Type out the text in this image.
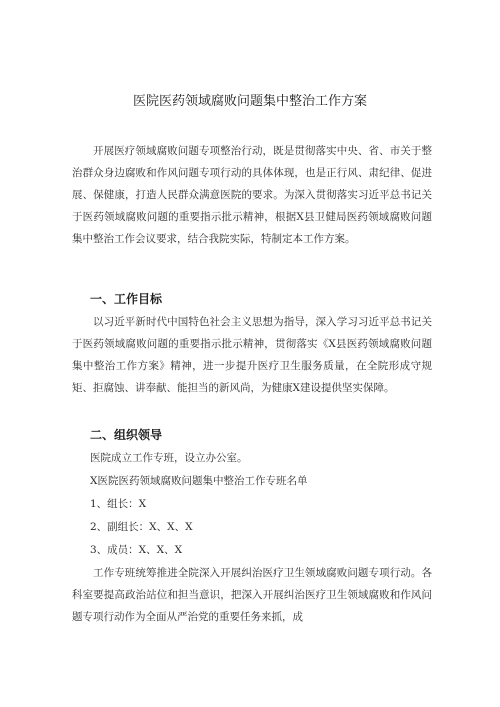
医院医药领域腐败问题集中整治工作方案

开展医疗领域腐败问题专项整治行动，既是贯彻落实中央、省、市关于整治群众身边腐败和作风问题专项行动的具体体现，也是正行风、肃纪律、促进展、保健康，打造人民群众满意医院的要求。为深入贯彻落实习近平总书记关于医药领域腐败问题的重要指示批示精神，根据X县卫健局医药领域腐败问题集中整治工作会议要求，结合我院实际，特制定本工作方案。

一、工作目标

以习近平新时代中国特色社会主义思想为指导，深入学习习近平总书记关于医药领域腐败问题的重要指示批示精神，贯彻落实《X县医药领域腐败问题集中整治工作方案》精神，进一步提升医疗卫生服务质量，在全院形成守规矩、拒腐蚀、讲奉献、能担当的新风尚，为健康X建设提供坚实保障。

二、组织领导
医院成立工作专班，设立办公室。
X医院医药领域腐败问题集中整治工作专班名单
1、组长：X
2、副组长：X、X、X
3、成员：X、X、X

工作专班统筹推进全院深入开展纠治医疗卫生领域腐败问题专项行动。各科室要提高政治站位和担当意识，把深入开展纠治医疗卫生领域腐败和作风问题专项行动作为全面从严治党的重要任务来抓，成
